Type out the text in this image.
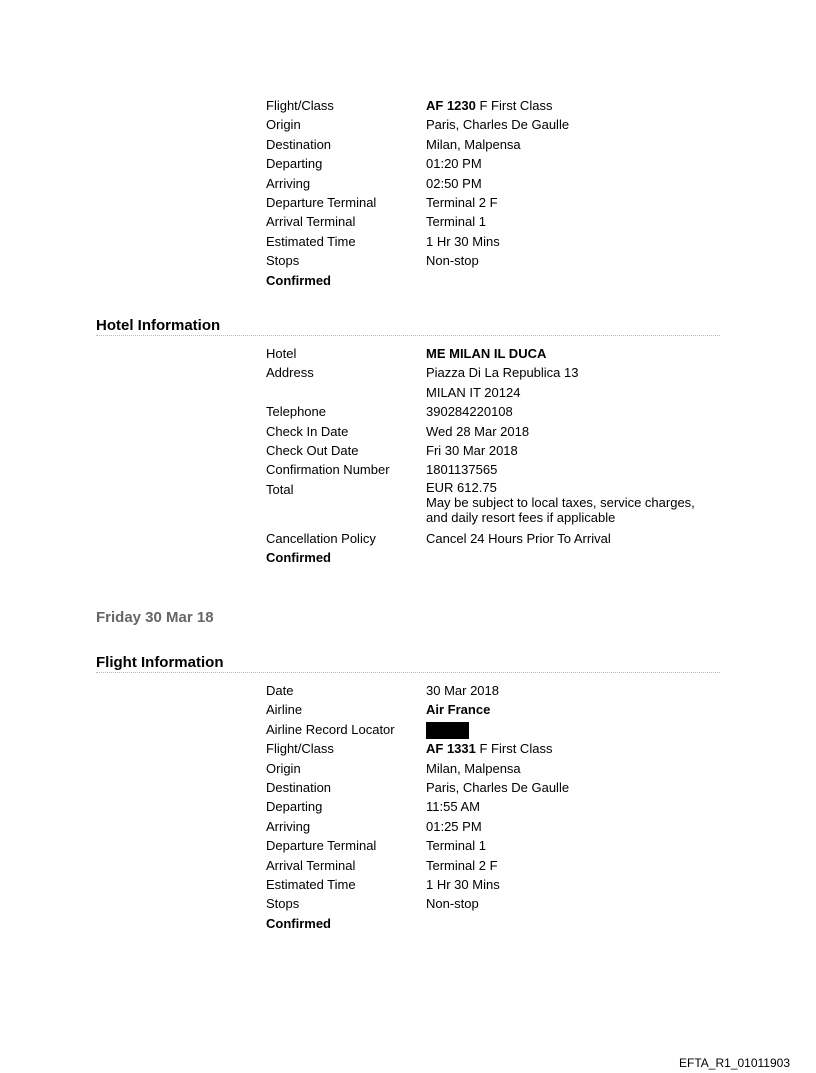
Flight/Class	AF 1230 F First Class
Origin	Paris, Charles De Gaulle
Destination	Milan, Malpensa
Departing	01:20 PM
Arriving	02:50 PM
Departure Terminal	Terminal 2 F
Arrival Terminal	Terminal 1
Estimated Time	1 Hr 30 Mins
Stops	Non-stop
Confirmed
Hotel Information
Hotel	ME MILAN IL DUCA
Address	Piazza Di La Republica 13
MILAN IT 20124
Telephone	390284220108
Check In Date	Wed 28 Mar 2018
Check Out Date	Fri 30 Mar 2018
Confirmation Number	1801137565
Total	EUR 612.75
May be subject to local taxes, service charges,
and daily resort fees if applicable
Cancellation Policy	Cancel 24 Hours Prior To Arrival
Confirmed
Friday 30 Mar 18
Flight Information
Date	30 Mar 2018
Airline	Air France
Airline Record Locator
Flight/Class	AF 1331 F First Class
Origin	Milan, Malpensa
Destination	Paris, Charles De Gaulle
Departing	11:55 AM
Arriving	01:25 PM
Departure Terminal	Terminal 1
Arrival Terminal	Terminal 2 F
Estimated Time	1 Hr 30 Mins
Stops	Non-stop
Confirmed
EFTA_R1_01011903
